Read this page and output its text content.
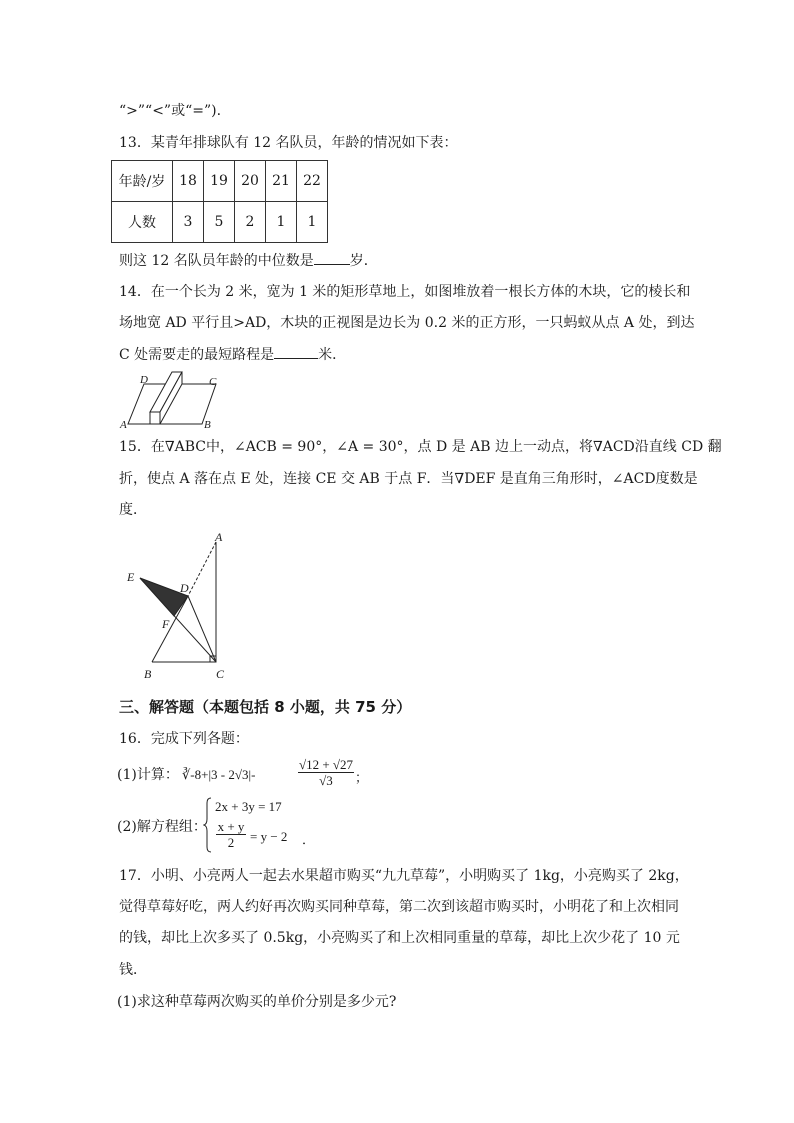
“>”“<”或“=”).
13．某青年排球队有 12 名队员，年龄的情况如下表：
年龄/岁	18	19	20	21	22
人数	3	5	2	1	1
则这 12 名队员年龄的中位数是	岁．
14．在一个长为 2 米，宽为 1 米的矩形草地上，如图堆放着一根长方体的木块，它的棱长和
场地宽 AD 平行且>AD，木块的正视图是边长为 0.2 米的正方形，一只蚂蚁从点 A 处，到达
C 处需要走的最短路程是	米．
D	C
A	B
15．在∇ABC中，∠ACB = 90°，∠A = 30°，点 D 是 AB 边上一动点，将∇ACD沿直线 CD 翻
折，使点 A 落在点 E 处，连接 CE 交 AB 于点 F．当∇DEF 是直角三角形时，∠ACD度数是
度．
A
E
D
F
B	C
三、解答题（本题包括 8 小题，共 75 分）
16．完成下列各题：
(1)计算： ∛-8+|3 - 2√3|-	$\frac{√12 + √27}{√3}$ ；
(2)解方程组：
2x + 3y = 17
$\frac{x + y}{2} = y - 2$ ．
17．小明、小亮两人一起去水果超市购买“九九草莓”，小明购买了 1kg，小亮购买了 2kg，
觉得草莓好吃，两人约好再次购买同种草莓，第二次到该超市购买时，小明花了和上次相同
的钱，却比上次多买了 0.5kg，小亮购买了和上次相同重量的草莓，却比上次少花了 10 元
钱．
(1)求这种草莓两次购买的单价分别是多少元?
